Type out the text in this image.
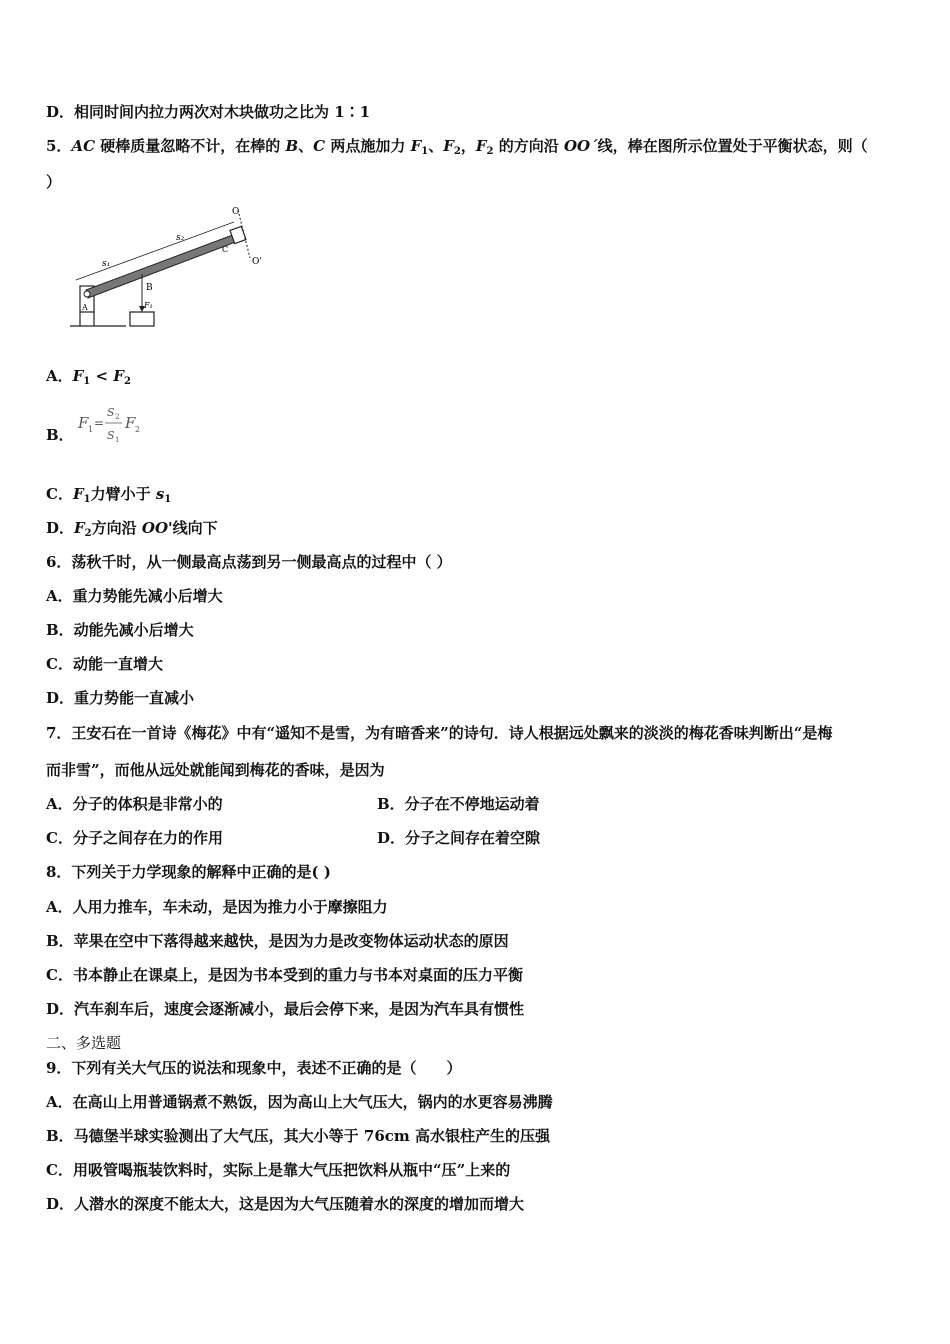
D．相同时间内拉力两次对木块做功之比为 1∶1
5．AC 硬棒质量忽略不计，在棒的 B、C 两点施加力 $F_1$、$F_2$，$F_2$ 的方向沿 OO´线，棒在图所示位置处于平衡状态，则（
）
O
O'
C
s₁
s₂
B
F₁
A
A．$F_1 < F_2$
B．
F 1 =
S 2
S 1
F 2
C．$F_1$力臂小于 $s_1$
D．$F_2$方向沿 OO'线向下
6．荡秋千时，从一侧最高点荡到另一侧最高点的过程中（ ）
A．重力势能先减小后增大
B．动能先减小后增大
C．动能一直增大
D．重力势能一直减小
7．王安石在一首诗《梅花》中有“遥知不是雪，为有暗香来”的诗句．诗人根据远处飘来的淡淡的梅花香味判断出“是梅
而非雪”，而他从远处就能闻到梅花的香味，是因为
A．分子的体积是非常小的	B．分子在不停地运动着
C．分子之间存在力的作用	D．分子之间存在着空隙
8．下列关于力学现象的解释中正确的是( )
A．人用力推车，车未动，是因为推力小于摩擦阻力
B．苹果在空中下落得越来越快，是因为力是改变物体运动状态的原因
C．书本静止在课桌上，是因为书本受到的重力与书本对桌面的压力平衡
D．汽车刹车后，速度会逐渐减小，最后会停下来，是因为汽车具有惯性
二、多选题
9．下列有关大气压的说法和现象中，表述不正确的是（　　）
A．在高山上用普通锅煮不熟饭，因为高山上大气压大，锅内的水更容易沸腾
B．马德堡半球实验测出了大气压，其大小等于 76cm 高水银柱产生的压强
C．用吸管喝瓶装饮料时，实际上是靠大气压把饮料从瓶中“压”上来的
D．人潜水的深度不能太大，这是因为大气压随着水的深度的增加而增大
